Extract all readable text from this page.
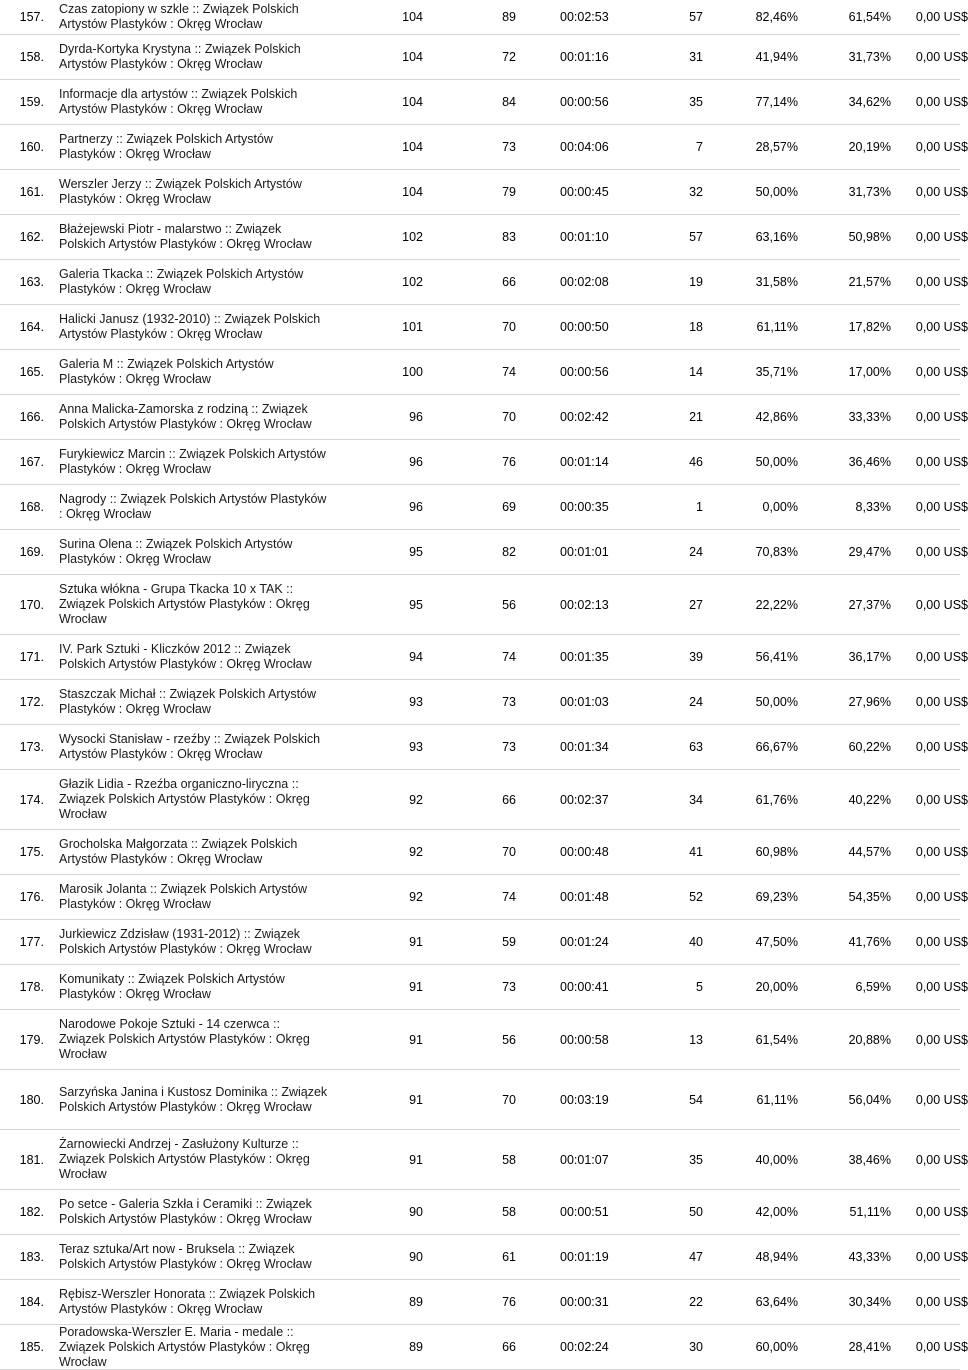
157.
Czas zatopiony w szkle :: Związek Polskich Artystów Plastyków : Okręg Wrocław	104	89	00:02:53	57	82,46%	61,54%	0,00 US$
158.
Dyrda-Kortyka Krystyna :: Związek Polskich Artystów Plastyków : Okręg Wrocław	104	72	00:01:16	31	41,94%	31,73%	0,00 US$
159.
Informacje dla artystów :: Związek Polskich Artystów Plastyków : Okręg Wrocław	104	84	00:00:56	35	77,14%	34,62%	0,00 US$
160.
Partnerzy :: Związek Polskich Artystów Plastyków : Okręg Wrocław	104	73	00:04:06	7	28,57%	20,19%	0,00 US$
161.
Werszler Jerzy :: Związek Polskich Artystów Plastyków : Okręg Wrocław	104	79	00:00:45	32	50,00%	31,73%	0,00 US$
162.
Błażejewski Piotr - malarstwo :: Związek Polskich Artystów Plastyków : Okręg Wrocław	102	83	00:01:10	57	63,16%	50,98%	0,00 US$
163.
Galeria Tkacka :: Związek Polskich Artystów Plastyków : Okręg Wrocław	102	66	00:02:08	19	31,58%	21,57%	0,00 US$
164.
Halicki Janusz (1932-2010) :: Związek Polskich Artystów Plastyków : Okręg Wrocław	101	70	00:00:50	18	61,11%	17,82%	0,00 US$
165.
Galeria M :: Związek Polskich Artystów Plastyków : Okręg Wrocław	100	74	00:00:56	14	35,71%	17,00%	0,00 US$
166.
Anna Malicka-Zamorska z rodziną :: Związek Polskich Artystów Plastyków : Okręg Wrocław	96	70	00:02:42	21	42,86%	33,33%	0,00 US$
167.
Furykiewicz Marcin :: Związek Polskich Artystów Plastyków : Okręg Wrocław	96	76	00:01:14	46	50,00%	36,46%	0,00 US$
168.
Nagrody :: Związek Polskich Artystów Plastyków : Okręg Wrocław	96	69	00:00:35	1	0,00%	8,33%	0,00 US$
169.
Surina Olena :: Związek Polskich Artystów Plastyków : Okręg Wrocław	95	82	00:01:01	24	70,83%	29,47%	0,00 US$
170.
Sztuka włókna - Grupa Tkacka 10 x TAK :: Związek Polskich Artystów Plastyków : Okręg Wrocław
95	56	00:02:13	27	22,22%	27,37%	0,00 US$
171.
IV. Park Sztuki - Kliczków 2012 :: Związek Polskich Artystów Plastyków : Okręg Wrocław	94	74	00:01:35	39	56,41%	36,17%	0,00 US$
172.
Staszczak Michał :: Związek Polskich Artystów Plastyków : Okręg Wrocław	93	73	00:01:03	24	50,00%	27,96%	0,00 US$
173.
Wysocki Stanisław - rzeźby :: Związek Polskich Artystów Plastyków : Okręg Wrocław	93	73	00:01:34	63	66,67%	60,22%	0,00 US$
174.
Głazik Lidia - Rzeźba organiczno-liryczna :: Związek Polskich Artystów Plastyków : Okręg Wrocław
92	66	00:02:37	34	61,76%	40,22%	0,00 US$
175.
Grocholska Małgorzata :: Związek Polskich Artystów Plastyków : Okręg Wrocław	92	70	00:00:48	41	60,98%	44,57%	0,00 US$
176.
Marosik Jolanta :: Związek Polskich Artystów Plastyków : Okręg Wrocław	92	74	00:01:48	52	69,23%	54,35%	0,00 US$
177.
Jurkiewicz Zdzisław (1931-2012) :: Związek Polskich Artystów Plastyków : Okręg Wrocław	91	59	00:01:24	40	47,50%	41,76%	0,00 US$
178.
Komunikaty :: Związek Polskich Artystów Plastyków : Okręg Wrocław	91	73	00:00:41	5	20,00%	6,59%	0,00 US$
179.
Narodowe Pokoje Sztuki - 14 czerwca :: Związek Polskich Artystów Plastyków : Okręg Wrocław
91	56	00:00:58	13	61,54%	20,88%	0,00 US$
180.
Sarzyńska Janina i Kustosz Dominika :: Związek Polskich Artystów Plastyków : Okręg Wrocław	91	70	00:03:19	54	61,11%	56,04%	0,00 US$
181.
Żarnowiecki Andrzej - Zasłużony Kulturze :: Związek Polskich Artystów Plastyków : Okręg Wrocław
91	58	00:01:07	35	40,00%	38,46%	0,00 US$
182.
Po setce - Galeria Szkła i Ceramiki :: Związek Polskich Artystów Plastyków : Okręg Wrocław	90	58	00:00:51	50	42,00%	51,11%	0,00 US$
183.
Teraz sztuka/Art now - Bruksela :: Związek Polskich Artystów Plastyków : Okręg Wrocław	90	61	00:01:19	47	48,94%	43,33%	0,00 US$
184.
Rębisz-Werszler Honorata :: Związek Polskich Artystów Plastyków : Okręg Wrocław	89	76	00:00:31	22	63,64%	30,34%	0,00 US$
185.
Poradowska-Werszler E. Maria - medale :: Związek Polskich Artystów Plastyków : Okręg Wrocław
89	66	00:02:24	30	60,00%	28,41%	0,00 US$
